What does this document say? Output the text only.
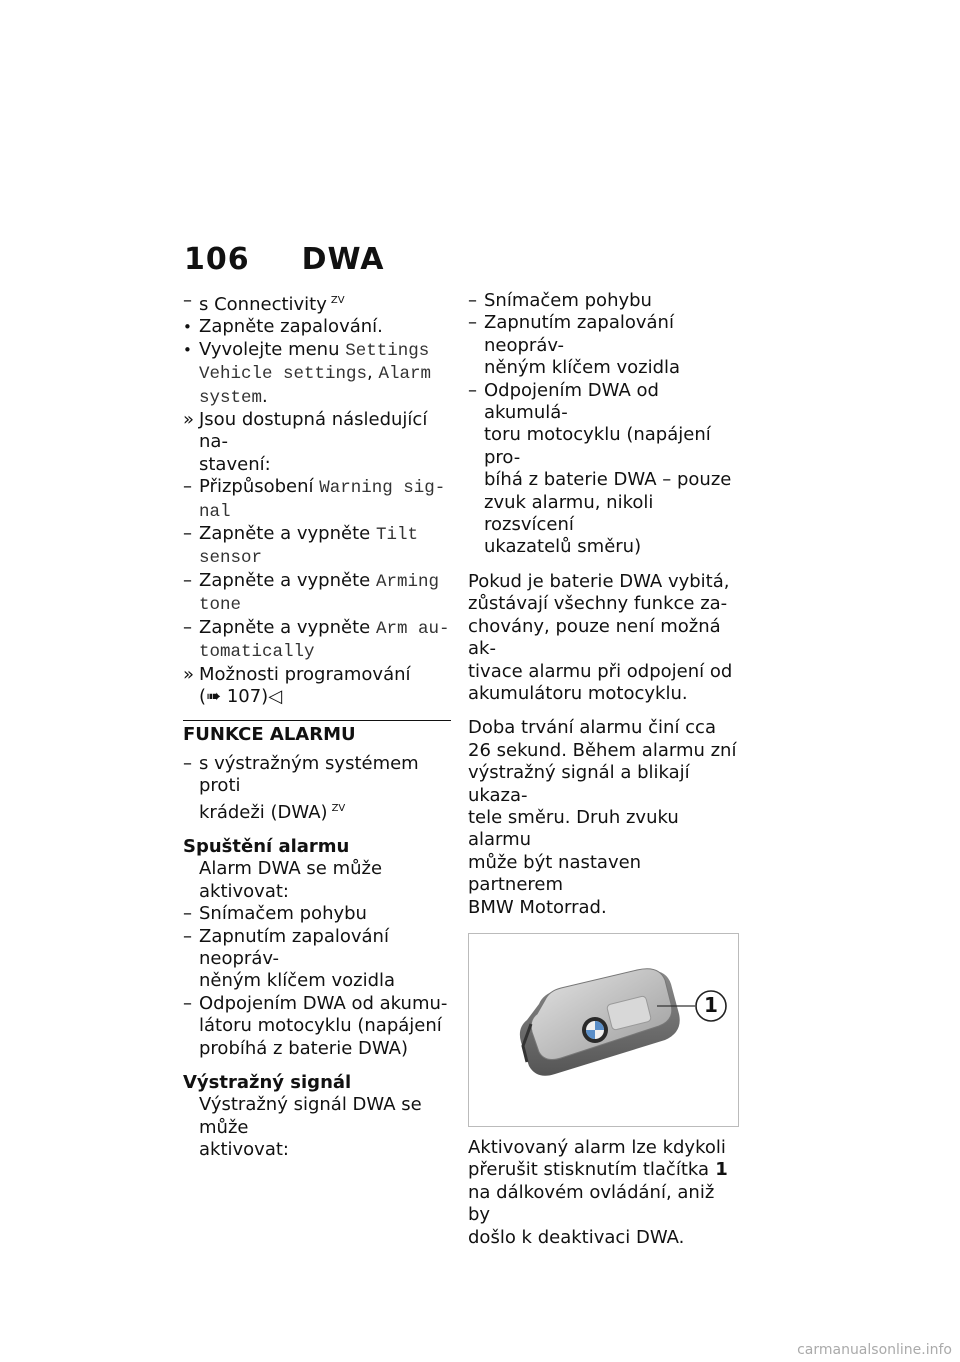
106 DWA
– s Connectivity $^{ZV}$
• Zapněte zapalování.
• Vyvolejte menu Settings
Vehicle settings, Alarm
system.
» Jsou dostupná následující na-
stavení:
– Přizpůsobení Warning sig-
nal
– Zapněte a vypněte Tilt
sensor
– Zapněte a vypněte Arming
tone
– Zapněte a vypněte Arm au-
tomatically
» Možnosti programování
(➠ 107)◁
FUNKCE ALARMU
– s výstražným systémem proti
krádeži (DWA) $^{ZV}$
Spuštění alarmu
Alarm DWA se může aktivovat:
– Snímačem pohybu
– Zapnutím zapalování neopráv-
něným klíčem vozidla
– Odpojením DWA od akumu-
látoru motocyklu (napájení
probíhá z baterie DWA)
Výstražný signál
Výstražný signál DWA se může
aktivovat:
– Snímačem pohybu
– Zapnutím zapalování neopráv-
něným klíčem vozidla
– Odpojením DWA od akumulá-
toru motocyklu (napájení pro-
bíhá z baterie DWA – pouze
zvuk alarmu, nikoli rozsvícení
ukazatelů směru)
Pokud je baterie DWA vybitá,
zůstávají všechny funkce za-
chovány, pouze není možná ak-
tivace alarmu při odpojení od
akumulátoru motocyklu.
Doba trvání alarmu činí cca
26 sekund. Během alarmu zní
výstražný signál a blikají ukaza-
tele směru. Druh zvuku alarmu
může být nastaven partnerem
BMW Motorrad.
1
Aktivovaný alarm lze kdykoli
přerušit stisknutím tlačítka 1
na dálkovém ovládání, aniž by
došlo k deaktivaci DWA.
carmanualsonline.info
